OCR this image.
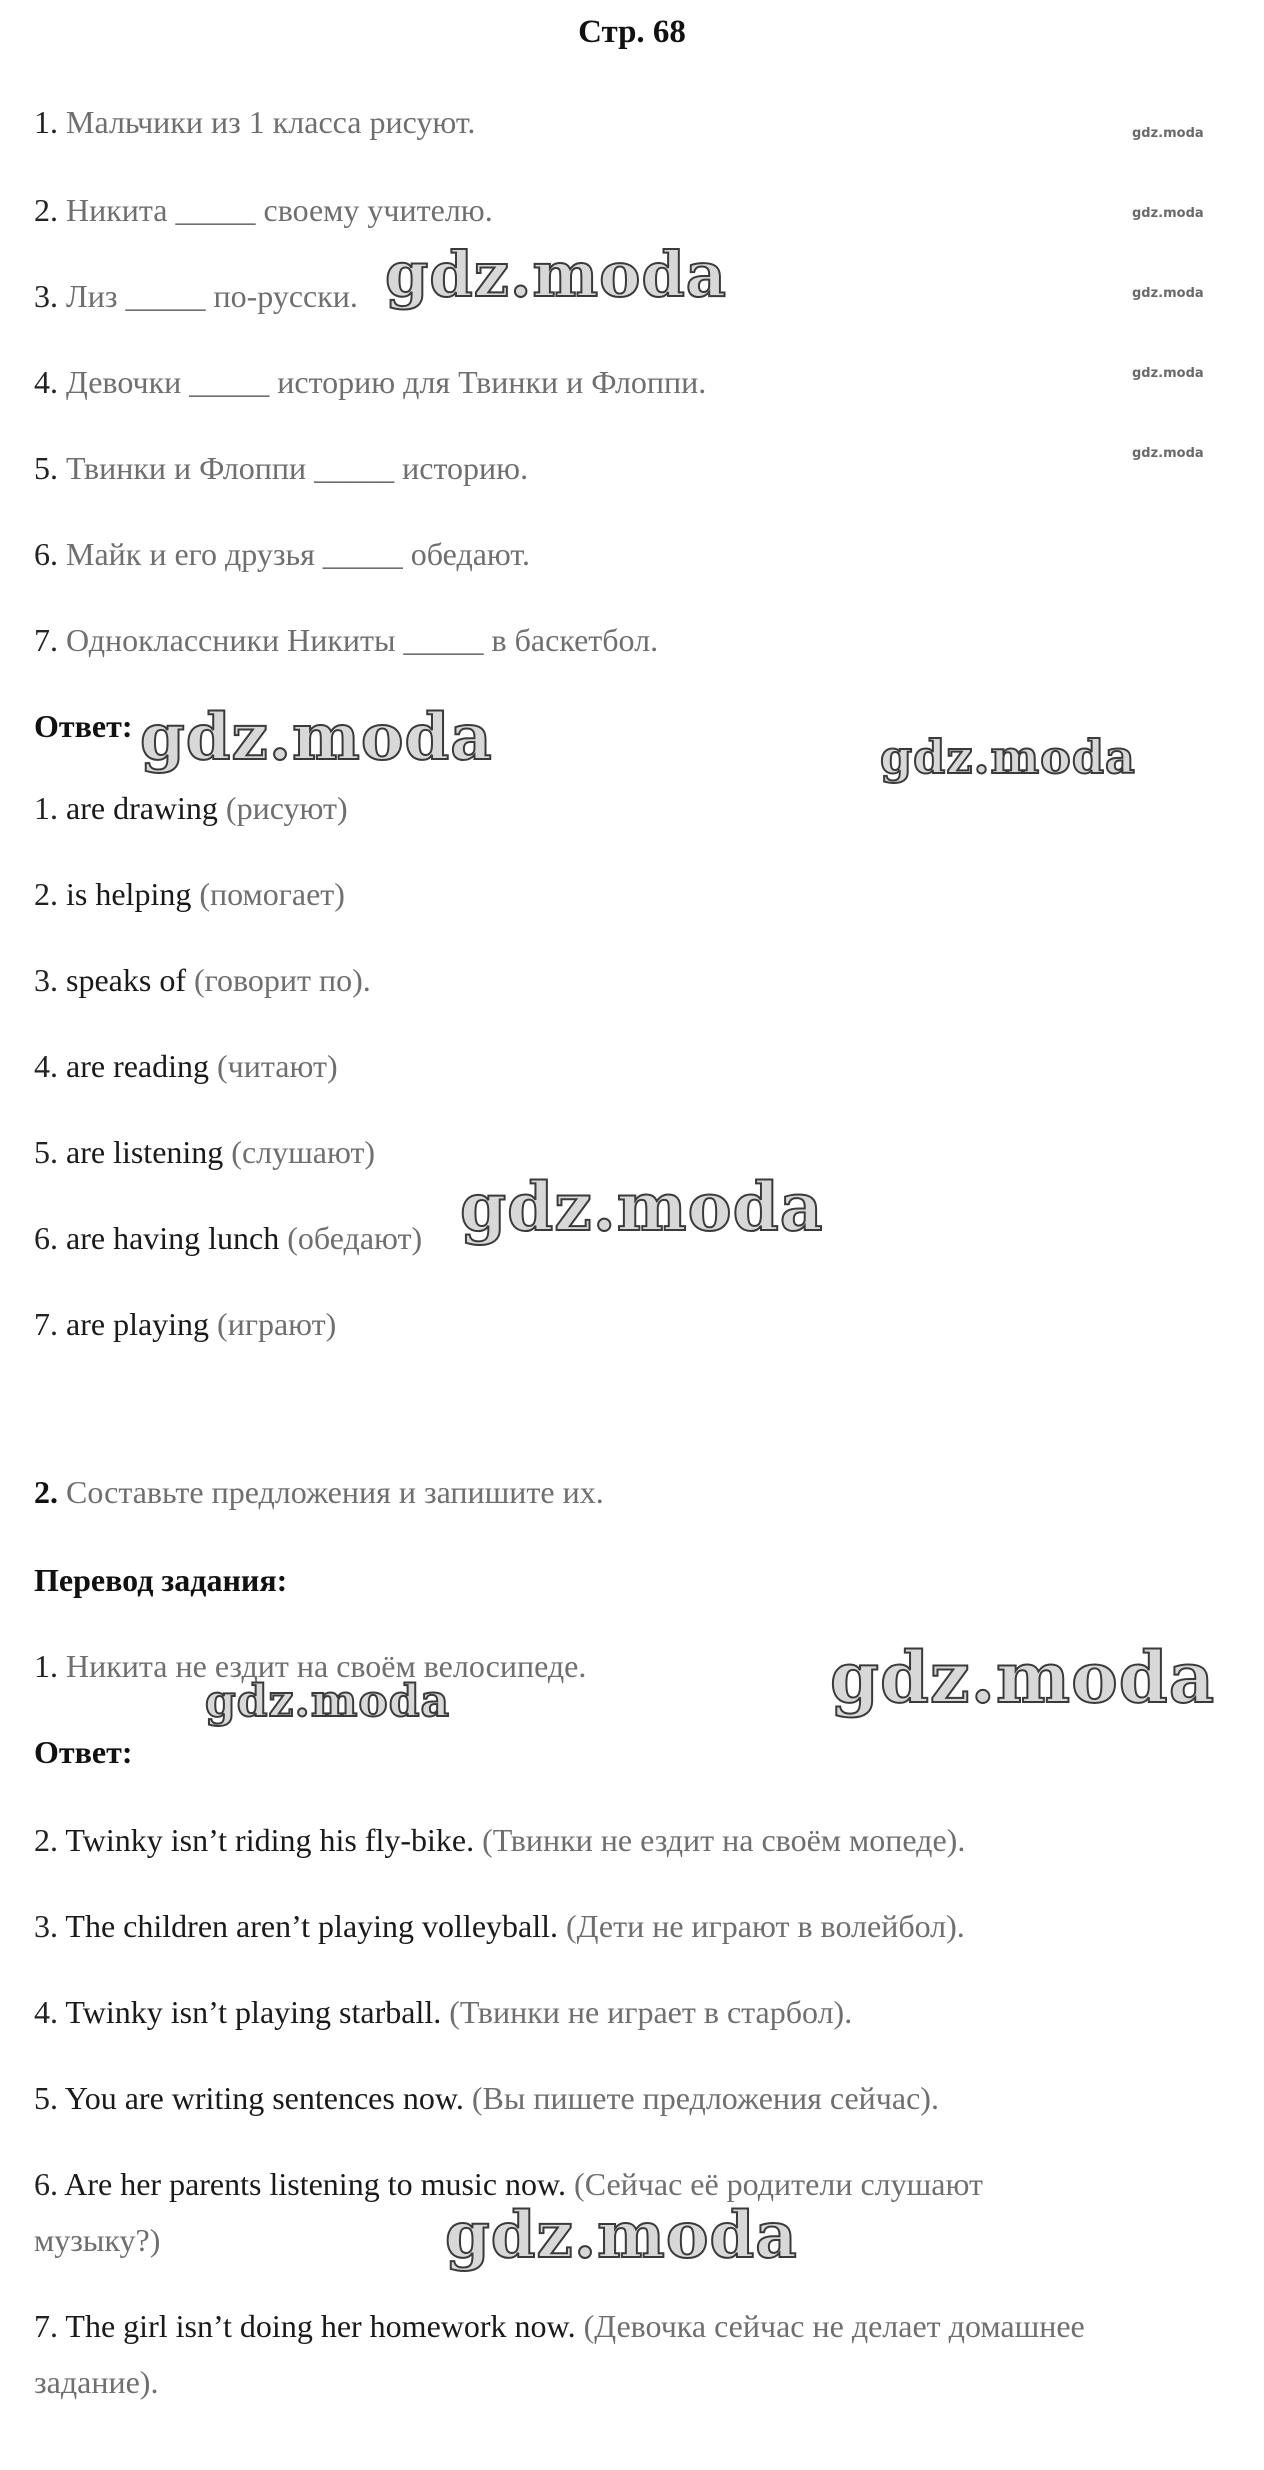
Стр. 68
1. Мальчики из 1 класса рисуют.
2. Никита _____ своему учителю.
3. Лиз _____ по-русски.
4. Девочки _____ историю для Твинки и Флоппи.
5. Твинки и Флоппи _____ историю.
6. Майк и его друзья _____ обедают.
7. Одноклассники Никиты _____ в баскетбол.
Ответ:
1. are drawing (рисуют)
2. is helping (помогает)
3. speaks of (говорит по).
4. are reading (читают)
5. are listening (слушают)
6. are having lunch (обедают)
7. are playing (играют)
2. Составьте предложения и запишите их.
Перевод задания:
1. Никита не ездит на своём велосипеде.
Ответ:
2. Twinky isn’t riding his fly-bike. (Твинки не ездит на своём мопеде).
3. The children aren’t playing volleyball. (Дети не играют в волейбол).
4. Twinky isn’t playing starball. (Твинки не играет в старбол).
5. You are writing sentences now. (Вы пишете предложения сейчас).
6. Are her parents listening to music now. (Сейчас её родители слушают
музыку?)
7. The girl isn’t doing her homework now. (Девочка сейчас не делает домашнее
задание).
gdz.moda
gdz.moda
gdz.moda
gdz.moda
gdz.moda
gdz.moda
gdz.moda	gdz.moda
gdz.moda
gdz.moda
gdz.moda
gdz.moda
